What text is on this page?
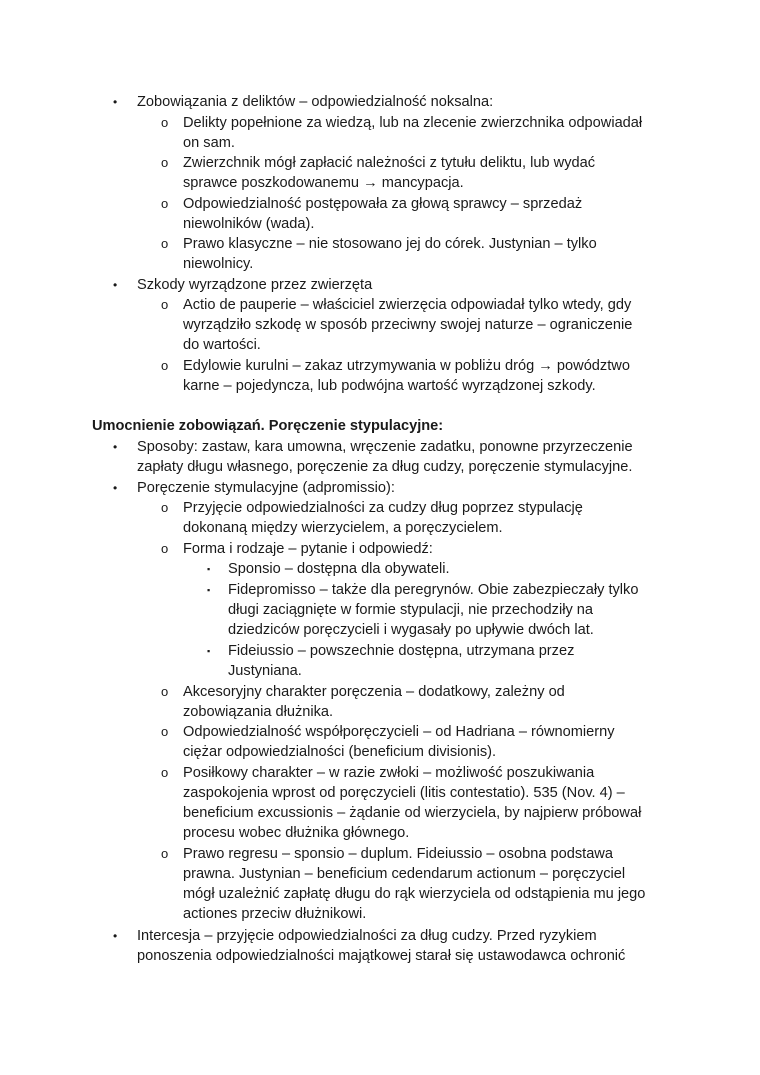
• Zobowiązania z deliktów – odpowiedzialność noksalna:
o Delikty popełnione za wiedzą, lub na zlecenie zwierzchnika odpowiadał
on sam.
o Zwierzchnik mógł zapłacić należności z tytułu deliktu, lub wydać
sprawce poszkodowanemu → mancypacja.
o Odpowiedzialność postępowała za głową sprawcy – sprzedaż
niewolników (wada).
o Prawo klasyczne – nie stosowano jej do córek. Justynian – tylko
niewolnicy.
• Szkody wyrządzone przez zwierzęta
o Actio de pauperie – właściciel zwierzęcia odpowiadał tylko wtedy, gdy
wyrządziło szkodę w sposób przeciwny swojej naturze – ograniczenie
do wartości.
o Edylowie kurulni – zakaz utrzymywania w pobliżu dróg → powództwo
karne – pojedyncza, lub podwójna wartość wyrządzonej szkody.
Umocnienie zobowiązań. Poręczenie stypulacyjne:
• Sposoby: zastaw, kara umowna, wręczenie zadatku, ponowne przyrzeczenie
zapłaty długu własnego, poręczenie za dług cudzy, poręczenie stymulacyjne.
• Poręczenie stymulacyjne (adpromissio):
o Przyjęcie odpowiedzialności za cudzy dług poprzez stypulację
dokonaną między wierzycielem, a poręczycielem.
o Forma i rodzaje – pytanie i odpowiedź:
▪ Sponsio – dostępna dla obywateli.
▪ Fidepromisso – także dla peregrynów. Obie zabezpieczały tylko
długi zaciągnięte w formie stypulacji, nie przechodziły na
dziedziców poręczycieli i wygasały po upływie dwóch lat.
▪ Fideiussio – powszechnie dostępna, utrzymana przez
Justyniana.
o Akcesoryjny charakter poręczenia – dodatkowy, zależny od
zobowiązania dłużnika.
o Odpowiedzialność współporęczycieli – od Hadriana – równomierny
ciężar odpowiedzialności (beneficium divisionis).
o Posiłkowy charakter – w razie zwłoki – możliwość poszukiwania
zaspokojenia wprost od poręczycieli (litis contestatio). 535 (Nov. 4) –
beneficium excussionis – żądanie od wierzyciela, by najpierw próbował
procesu wobec dłużnika głównego.
o Prawo regresu – sponsio – duplum. Fideiussio – osobna podstawa
prawna. Justynian – beneficium cedendarum actionum – poręczyciel
mógł uzależnić zapłatę długu do rąk wierzyciela od odstąpienia mu jego
actiones przeciw dłużnikowi.
• Intercesja – przyjęcie odpowiedzialności za dług cudzy. Przed ryzykiem
ponoszenia odpowiedzialności majątkowej starał się ustawodawca ochronić
